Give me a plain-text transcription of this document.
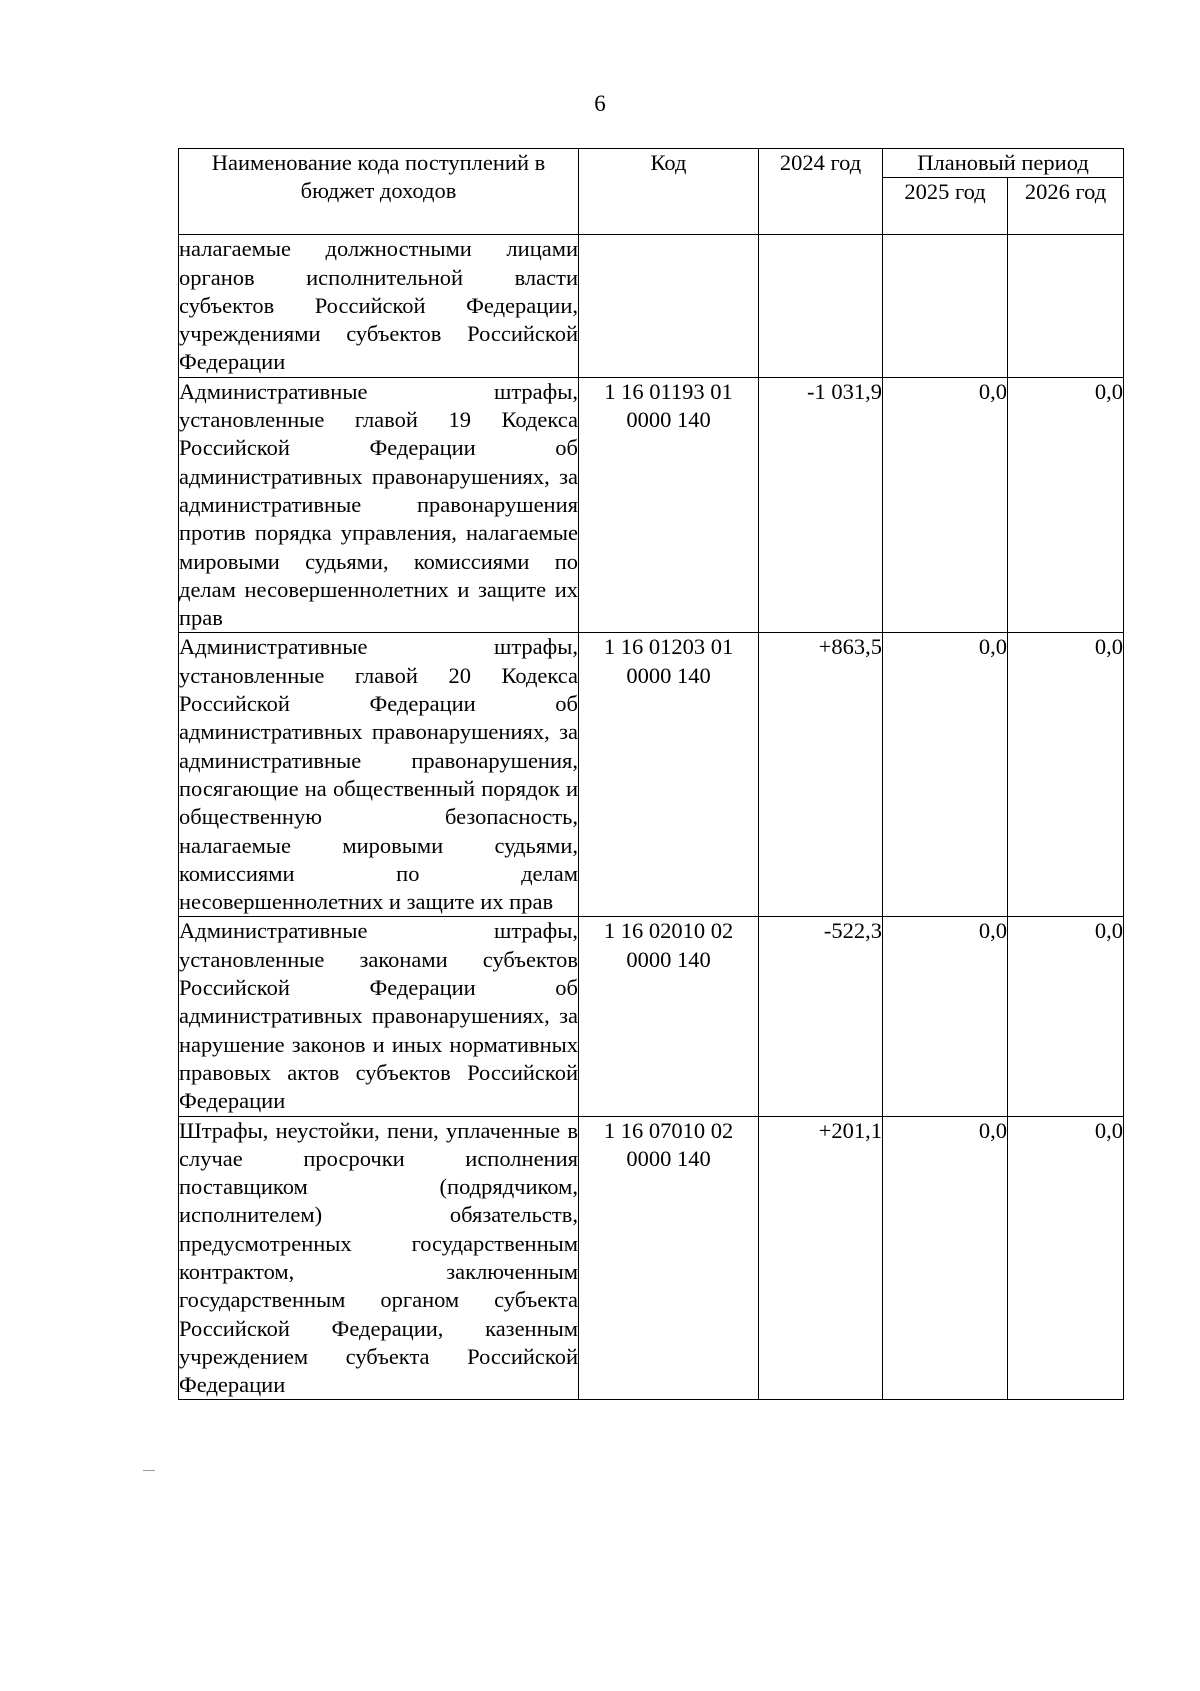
6
Наименование кода поступлений в бюджет доходов	Код	2024 год	Плановый период	
			2025 год	2026 год
налагаемые должностными лицами органов исполнительной власти субъектов Российской Федерации, учреждениями субъектов Российской Федерации				
Административные штрафы, установленные главой 19 Кодекса Российской Федерации об административных правонарушениях, за административные правонарушения против порядка управления, налагаемые мировыми судьями, комиссиями по делам несовершеннолетних и защите их прав	1 16 01193 01 0000 140	-1 031,9	0,0	0,0
Административные штрафы, установленные главой 20 Кодекса Российской Федерации об административных правонарушениях, за административные правонарушения, посягающие на общественный порядок и общественную безопасность, налагаемые мировыми судьями, комиссиями по делам несовершеннолетних и защите их прав	1 16 01203 01 0000 140	+863,5	0,0	0,0
Административные штрафы, установленные законами субъектов Российской Федерации об административных правонарушениях, за нарушение законов и иных нормативных правовых актов субъектов Российской Федерации	1 16 02010 02 0000 140	-522,3	0,0	0,0
Штрафы, неустойки, пени, уплаченные в случае просрочки исполнения поставщиком (подрядчиком, исполнителем) обязательств, предусмотренных государственным контрактом, заключенным государственным органом субъекта Российской Федерации, казенным учреждением субъекта Российской Федерации	1 16 07010 02 0000 140	+201,1	0,0	0,0
